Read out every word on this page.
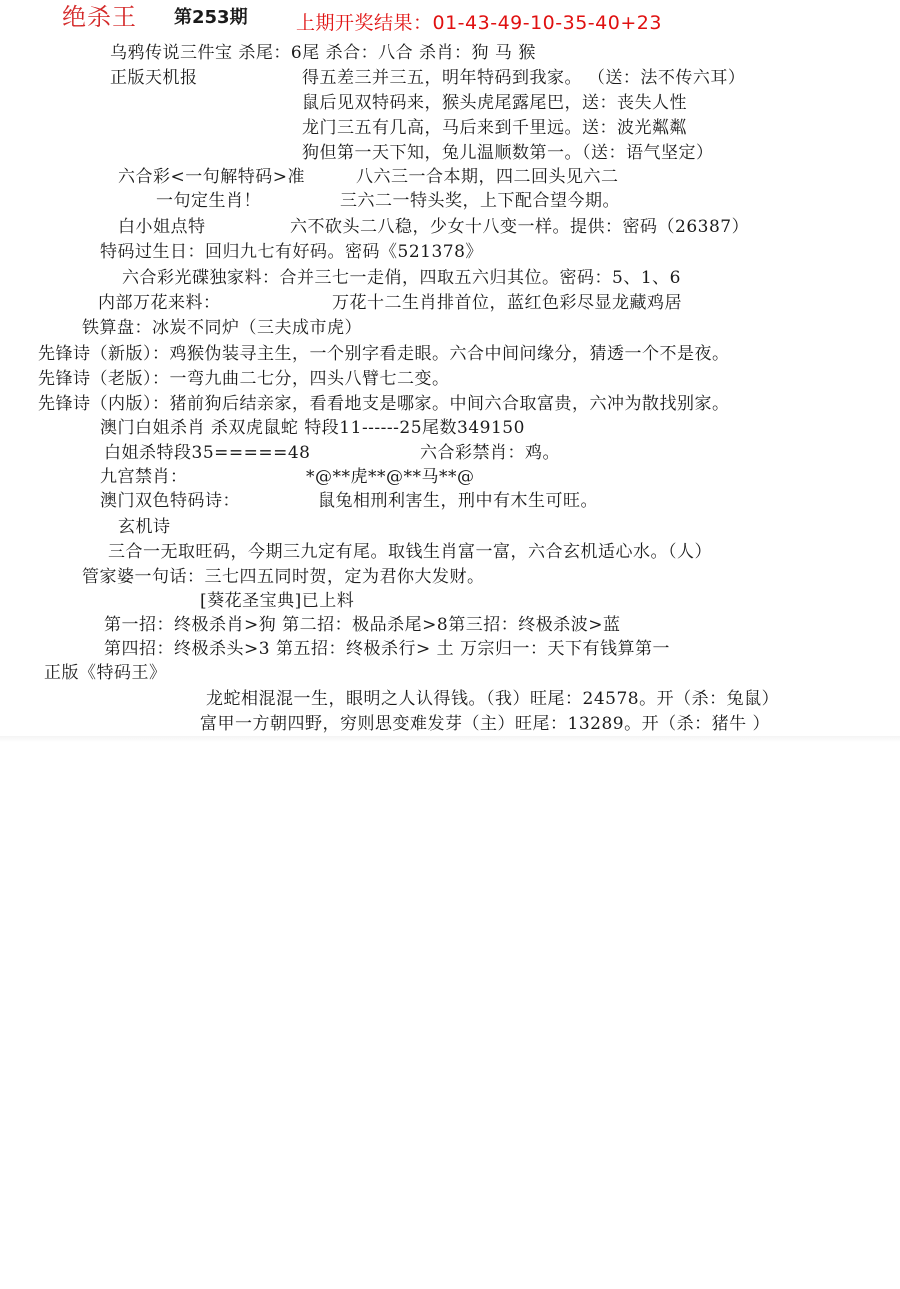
绝杀王 第253期	上期开奖结果：01-43-49-10-35-40+23
乌鸦传说三件宝 杀尾：6尾 杀合：八合 杀肖：狗 马 猴
正版天机报	得五差三并三五，明年特码到我家。 （送：法不传六耳）
鼠后见双特码来，猴头虎尾露尾巴，送：丧失人性
龙门三五有几高，马后来到千里远。送：波光粼粼
狗但第一天下知，兔儿温顺数第一。（送：语气坚定）
六合彩<一句解特码>准	八六三一合本期，四二回头见六二
一句定生肖！	三六二一特头奖，上下配合望今期。
白小姐点特	六不砍头二八稳，少女十八变一样。提供：密码（26387）
特码过生日：回归九七有好码。密码《521378》
六合彩光碟独家料：合并三七一走俏，四取五六归其位。密码：5、1、6
内部万花来料：	万花十二生肖排首位，蓝红色彩尽显龙藏鸡居
铁算盘：冰炭不同炉（三夫成市虎）
先锋诗（新版）：鸡猴伪装寻主生，一个别字看走眼。六合中间问缘分，猜透一个不是夜。
先锋诗（老版）：一弯九曲二七分，四头八臂七二变。
先锋诗（内版）：猪前狗后结亲家，看看地支是哪家。中间六合取富贵，六冲为散找别家。
澳门白姐杀肖 杀双虎鼠蛇 特段11------25尾数349150
白姐杀特段35=====48	六合彩禁肖：鸡。
九宫禁肖：	*@**虎**@**马**@
澳门双色特码诗：	鼠兔相刑利害生，刑中有木生可旺。
玄机诗
三合一无取旺码，今期三九定有尾。取钱生肖富一富，六合玄机适心水。（人）
管家婆一句话：三七四五同时贺，定为君你大发财。
[葵花圣宝典]已上料
第一招：终极杀肖>狗 第二招：极品杀尾>8第三招：终极杀波>蓝
第四招：终极杀头>3 第五招：终极杀行> 土 万宗归一：天下有钱算第一
正版《特码王》
龙蛇相混混一生，眼明之人认得钱。（我）旺尾：24578。开（杀：兔鼠）
富甲一方朝四野，穷则思变难发芽（主）旺尾：13289。开（杀：猪牛 ）
